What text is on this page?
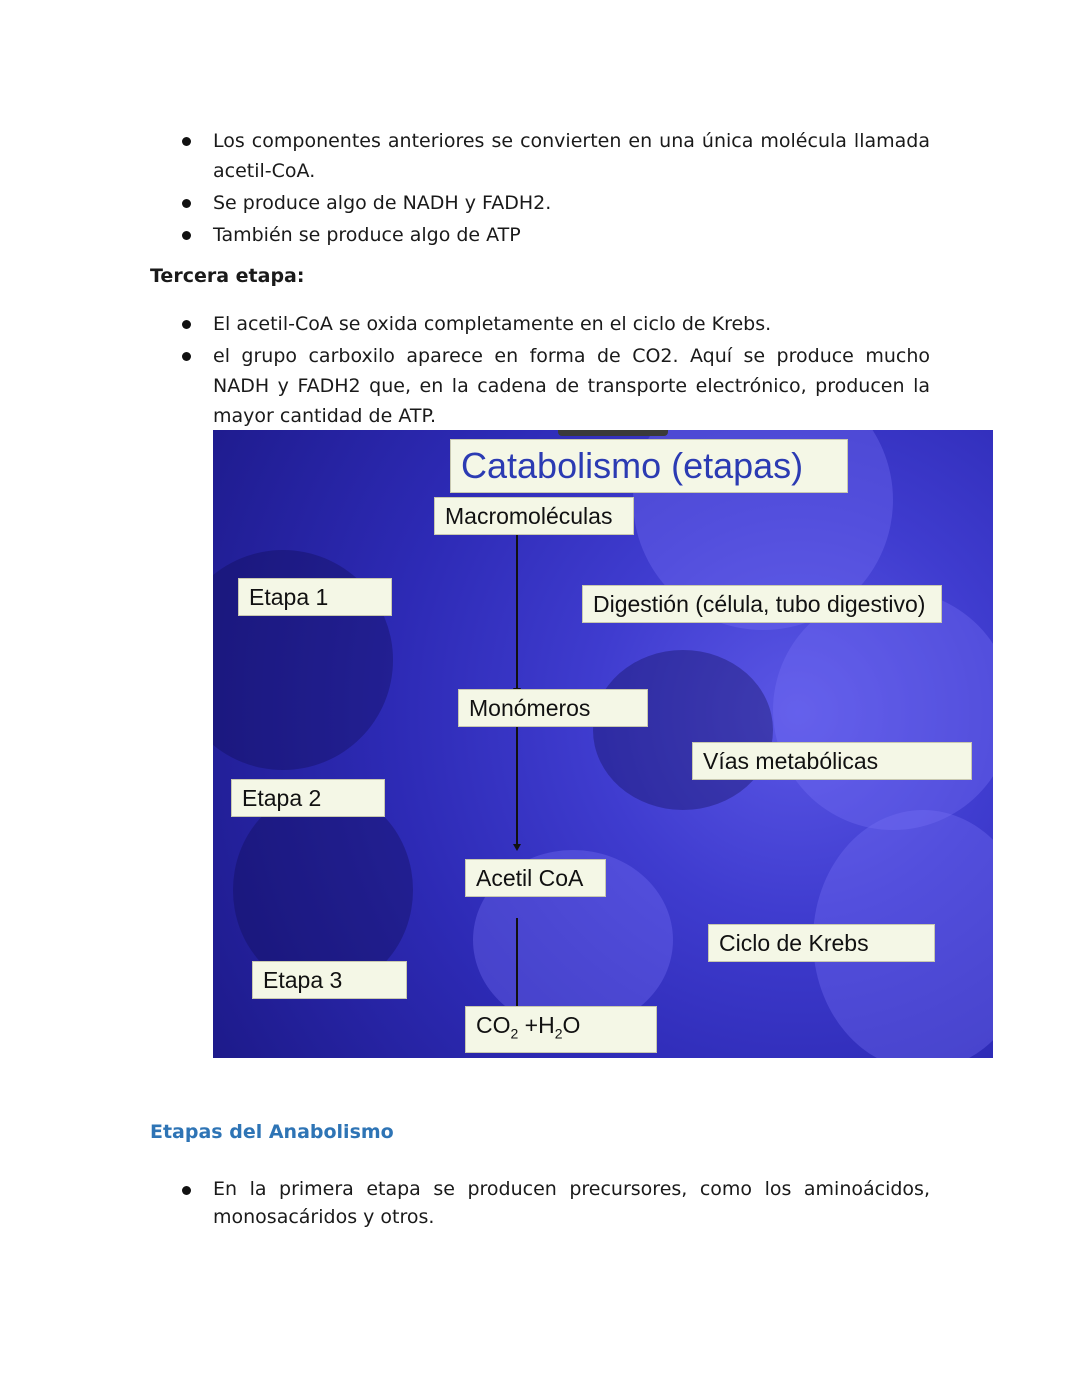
Los componentes anteriores se convierten en una única molécula llamada acetil-CoA.
Se produce algo de NADH y FADH2.
También se produce algo de ATP
Tercera etapa:
El acetil-CoA se oxida completamente en el ciclo de Krebs.
el grupo carboxilo aparece en forma de CO2. Aquí se produce mucho NADH y FADH2 que, en la cadena de transporte electrónico, producen la mayor cantidad de ATP.
Catabolismo (etapas)
Macromoléculas
Monómeros
Acetil CoA
$CO_2 +H_2O$
Etapa 1
Etapa 2
Etapa 3
Digestión (célula, tubo digestivo)
Vías metabólicas
Ciclo de Krebs
Etapas del Anabolismo
En la primera etapa se producen precursores, como los aminoácidos, monosacáridos y otros.
